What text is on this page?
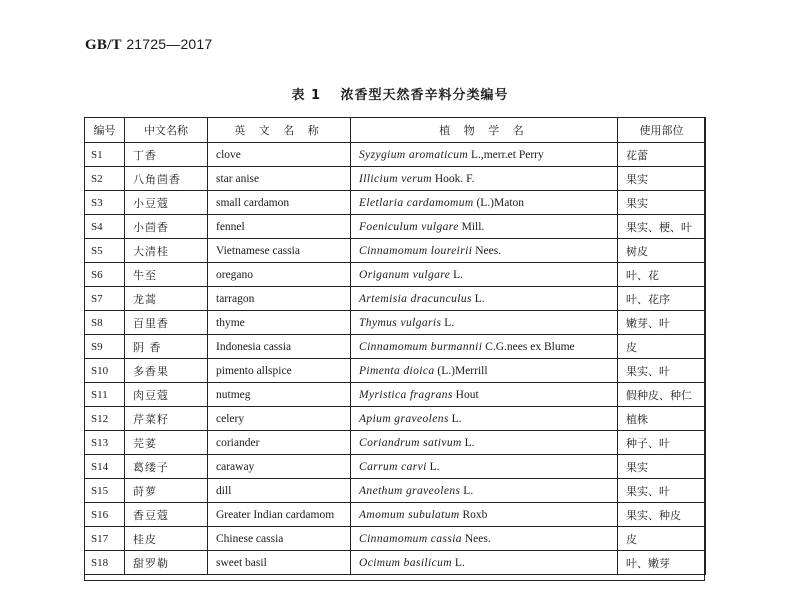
GB/T 21725—2017
表 1 浓香型天然香辛料分类编号
编号	中文名称	英 文 名 称	植 物 学 名	使用部位
S1	丁香	clove	Syzygium aromaticum L.,merr.et Perry	花蕾
S2	八角茴香	star anise	Illicium verum Hook. F.	果实
S3	小豆蔻	small cardamon	Eletlaria cardamomum (L.)Maton	果实
S4	小茴香	fennel	Foeniculum vulgare Mill.	果实、梗、叶
S5	大清桂	Vietnamese cassia	Cinnamomum loureirii Nees.	树皮
S6	牛至	oregano	Origanum vulgare L.	叶、花
S7	龙蒿	tarragon	Artemisia dracunculus L.	叶、花序
S8	百里香	thyme	Thymus vulgaris L.	嫩芽、叶
S9	阴 香	Indonesia cassia	Cinnamomum burmannii C.G.nees ex Blume	皮
S10	多香果	pimento allspice	Pimenta dioica (L.)Merrill	果实、叶
S11	肉豆蔻	nutmeg	Myristica fragrans Hout	假种皮、种仁
S12	芹菜籽	celery	Apium graveolens L.	植株
S13	芫荽	coriander	Coriandrum sativum L.	种子、叶
S14	葛缕子	caraway	Carrum carvi L.	果实
S15	莳萝	dill	Anethum graveolens L.	果实、叶
S16	香豆蔻	Greater Indian cardamom	Amomum subulatum Roxb	果实、种皮
S17	桂皮	Chinese cassia	Cinnamomum cassia Nees.	皮
S18	甜罗勒	sweet basil	Ocimum basilicum L.	叶、嫩芽
